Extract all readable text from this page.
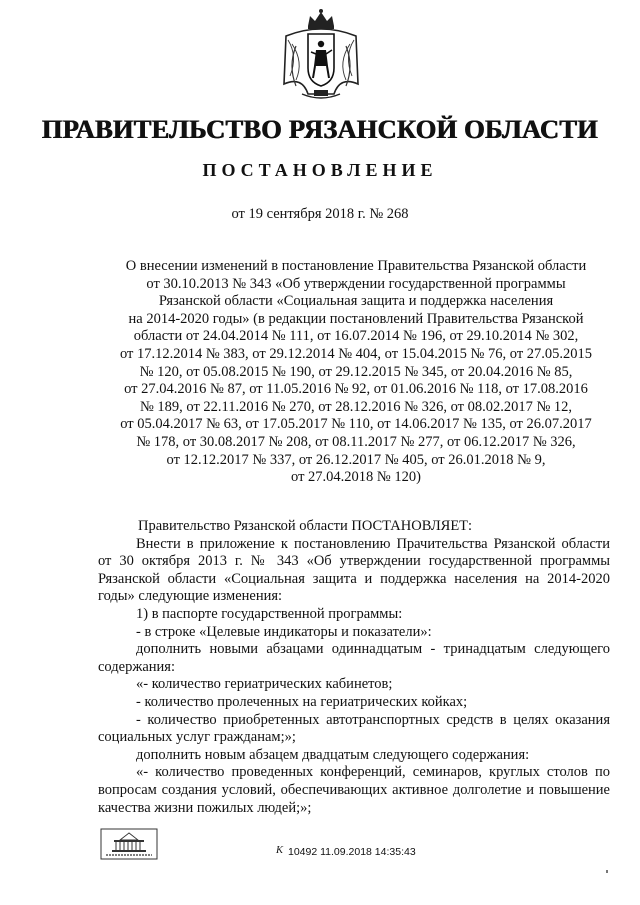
ПРАВИТЕЛЬСТВО РЯЗАНСКОЙ ОБЛАСТИ
ПОСТАНОВЛЕНИЕ
от 19 сентября 2018 г. № 268
О внесении изменений в постановление Правительства Рязанской области
от 30.10.2013 № 343 «Об утверждении государственной программы
Рязанской области «Социальная защита и поддержка населения
на 2014-2020 годы» (в редакции постановлений Правительства Рязанской
области от 24.04.2014 № 111, от 16.07.2014 № 196, от 29.10.2014 № 302,
от 17.12.2014 № 383, от 29.12.2014 № 404, от 15.04.2015 № 76, от 27.05.2015
№ 120, от 05.08.2015 № 190, от 29.12.2015 № 345, от 20.04.2016 № 85,
от 27.04.2016 № 87, от 11.05.2016 № 92, от 01.06.2016 № 118, от 17.08.2016
№ 189, от 22.11.2016 № 270, от 28.12.2016 № 326, от 08.02.2017 № 12,
от 05.04.2017 № 63, от 17.05.2017 № 110, от 14.06.2017 № 135, от 26.07.2017
№ 178, от 30.08.2017 № 208, от 08.11.2017 № 277, от 06.12.2017 № 326,
от 12.12.2017 № 337, от 26.12.2017 № 405, от 26.01.2018 № 9,
от 27.04.2018 № 120)

Правительство Рязанской области ПОСТАНОВЛЯЕТ:

Внести в приложение к постановлению Прачительства Рязанской области от 30 октября 2013 г. № 343 «Об утверждении государственной программы Рязанской области «Социальная защита и поддержка населения на 2014-2020 годы» следующие изменения:

1) в паспорте государственной программы:

- в строке «Целевые индикаторы и показатели»:

дополнить новыми абзацами одиннадцатым - тринадцатым следующего содержания:

«- количество гериатрических кабинетов;

- количество пролеченных на гериатрических койках;

- количество приобретенных автотранспортных средств в целях оказания социальных услуг гражданам;»;

дополнить новым абзацем двадцатым следующего содержания:

«- количество проведенных конференций, семинаров, круглых столов по вопросам создания условий, обеспечивающих активное долголетие и повышение качества жизни пожилых людей;»;

К 10492 11.09.2018 14:35:43
